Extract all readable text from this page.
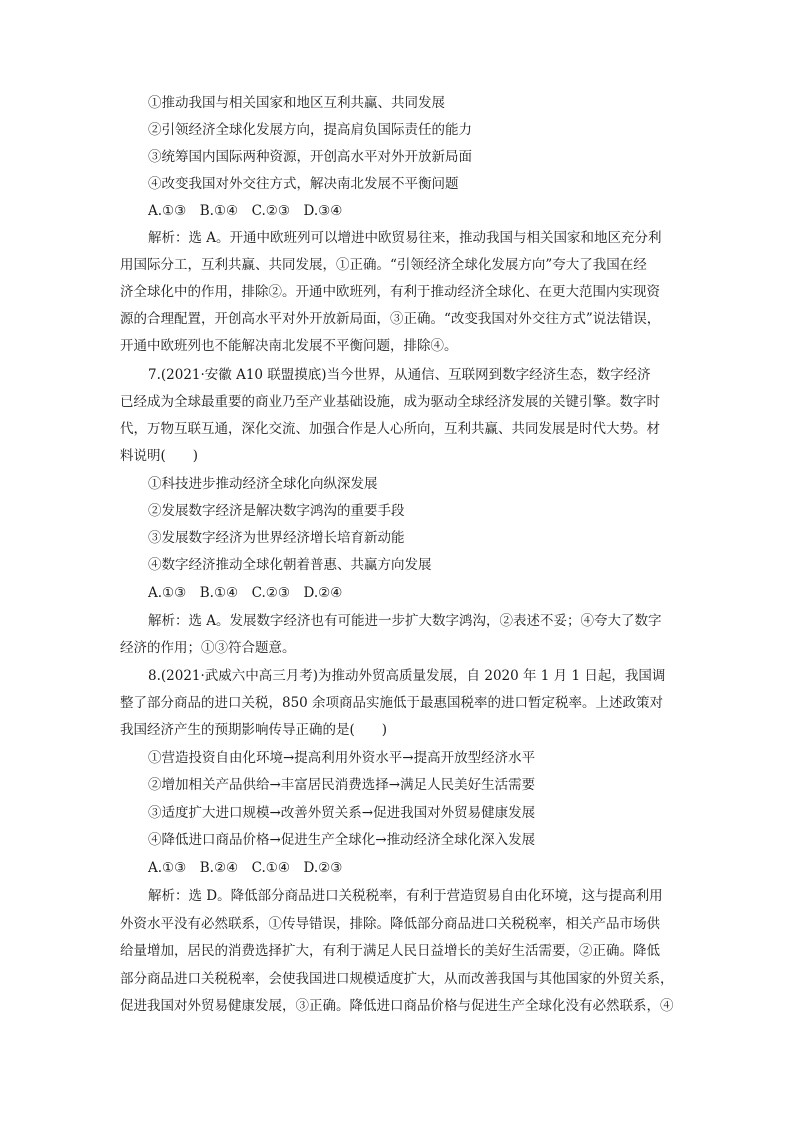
①推动我国与相关国家和地区互利共赢、共同发展
②引领经济全球化发展方向，提高肩负国际责任的能力
③统筹国内国际两种资源，开创高水平对外开放新局面
④改变我国对外交往方式，解决南北发展不平衡问题
A.①③　B.①④　C.②③　D.③④
解析：选 A。开通中欧班列可以增进中欧贸易往来，推动我国与相关国家和地区充分利
用国际分工，互利共赢、共同发展，①正确。“引领经济全球化发展方向”夸大了我国在经
济全球化中的作用，排除②。开通中欧班列，有利于推动经济全球化、在更大范围内实现资
源的合理配置，开创高水平对外开放新局面，③正确。“改变我国对外交往方式”说法错误，
开通中欧班列也不能解决南北发展不平衡问题，排除④。
7.(2021·安徽 A10 联盟摸底)当今世界，从通信、互联网到数字经济生态，数字经济
已经成为全球最重要的商业乃至产业基础设施，成为驱动全球经济发展的关键引擎。数字时
代，万物互联互通，深化交流、加强合作是人心所向，互利共赢、共同发展是时代大势。材
料说明(　　)
①科技进步推动经济全球化向纵深发展
②发展数字经济是解决数字鸿沟的重要手段
③发展数字经济为世界经济增长培育新动能
④数字经济推动全球化朝着普惠、共赢方向发展
A.①③　B.①④　C.②③　D.②④
解析：选 A。发展数字经济也有可能进一步扩大数字鸿沟，②表述不妥；④夸大了数字
经济的作用；①③符合题意。
8.(2021·武威六中高三月考)为推动外贸高质量发展，自 2020 年 1 月 1 日起，我国调
整了部分商品的进口关税，850 余项商品实施低于最惠国税率的进口暂定税率。上述政策对
我国经济产生的预期影响传导正确的是(　　)
①营造投资自由化环境→提高利用外资水平→提高开放型经济水平
②增加相关产品供给→丰富居民消费选择→满足人民美好生活需要
③适度扩大进口规模→改善外贸关系→促进我国对外贸易健康发展
④降低进口商品价格→促进生产全球化→推动经济全球化深入发展
A.①③　B.②④　C.①④　D.②③
解析：选 D。降低部分商品进口关税税率，有利于营造贸易自由化环境，这与提高利用
外资水平没有必然联系，①传导错误，排除。降低部分商品进口关税税率，相关产品市场供
给量增加，居民的消费选择扩大，有利于满足人民日益增长的美好生活需要，②正确。降低
部分商品进口关税税率，会使我国进口规模适度扩大，从而改善我国与其他国家的外贸关系，
促进我国对外贸易健康发展，③正确。降低进口商品价格与促进生产全球化没有必然联系，④
